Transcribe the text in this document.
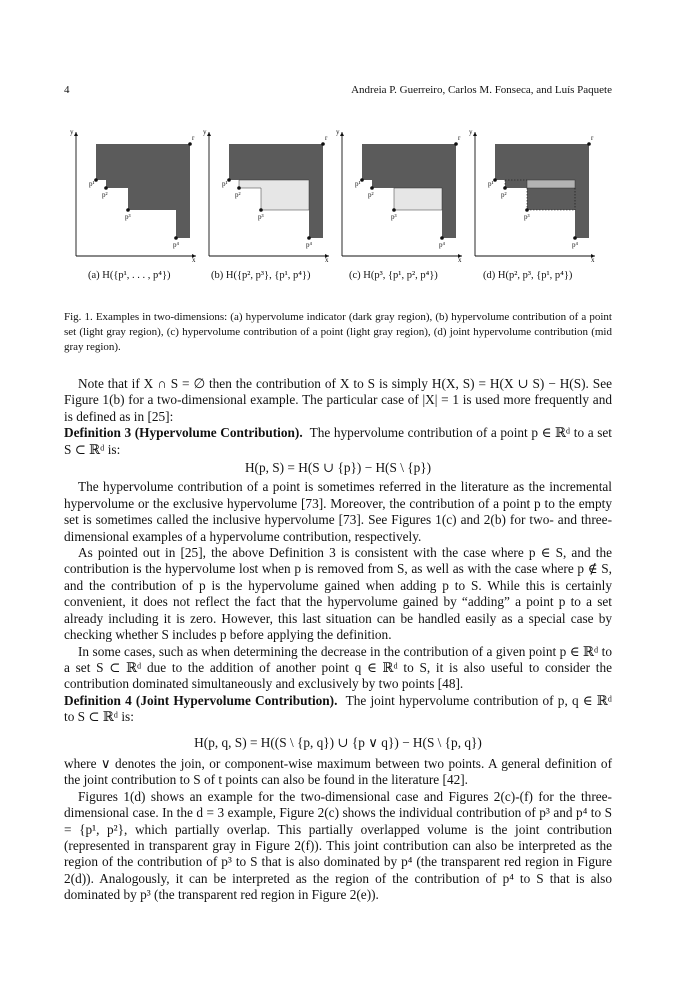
4	Andreia P. Guerreiro, Carlos M. Fonseca, and Luís Paquete
x
y
r
p¹
p²
p³
p⁴
x
y
r
p¹
p²
p³
p⁴
x
y
r
p¹
p²
p³
p⁴
x
y
r
p¹
p²
p³
p⁴
(a) H({p¹, . . . , p⁴})	(b) H({p², p³}, {p¹, p⁴})	(c) H(p³, {p¹, p², p⁴})	(d) H(p², p³, {p¹, p⁴})
Fig. 1. Examples in two-dimensions: (a) hypervolume indicator (dark gray region), (b) hypervolume contribution of a point set (light gray region), (c) hypervolume contribution of a point (light gray region), (d) joint hypervolume contribution (mid gray region).

Note that if X ∩ S = ∅ then the contribution of X to S is simply H(X, S) = H(X ∪ S) − H(S). See Figure 1(b) for a two-dimensional example. The particular case of |X| = 1 is used more frequently and is defined as in [25]:

Definition 3 (Hypervolume Contribution). The hypervolume contribution of a point p ∈ ℝᵈ to a set S ⊂ ℝᵈ is:

H(p, S) = H(S ∪ {p}) − H(S \ {p})

The hypervolume contribution of a point is sometimes referred in the literature as the incremental hypervolume or the exclusive hypervolume [73]. Moreover, the contribution of a point p to the empty set is sometimes called the inclusive hypervolume [73]. See Figures 1(c) and 2(b) for two- and three-dimensional examples of a hypervolume contribution, respectively.

As pointed out in [25], the above Definition 3 is consistent with the case where p ∈ S, and the contribution is the hypervolume lost when p is removed from S, as well as with the case where p ∉ S, and the contribution of p is the hypervolume gained when adding p to S. While this is certainly convenient, it does not reflect the fact that the hypervolume gained by “adding” a point p to a set already including it is zero. However, this last situation can be handled easily as a special case by checking whether S includes p before applying the definition.

In some cases, such as when determining the decrease in the contribution of a given point p ∈ ℝᵈ to a set S ⊂ ℝᵈ due to the addition of another point q ∈ ℝᵈ to S, it is also useful to consider the contribution dominated simultaneously and exclusively by two points [48].

Definition 4 (Joint Hypervolume Contribution). The joint hypervolume contribution of p, q ∈ ℝᵈ to S ⊂ ℝᵈ is:

H(p, q, S) = H((S \ {p, q}) ∪ {p ∨ q}) − H(S \ {p, q})

where ∨ denotes the join, or component-wise maximum between two points. A general definition of the joint contribution to S of t points can also be found in the literature [42].

Figures 1(d) shows an example for the two-dimensional case and Figures 2(c)-(f) for the three-dimensional case. In the d = 3 example, Figure 2(c) shows the individual contribution of p³ and p⁴ to S = {p¹, p²}, which partially overlap. This partially overlapped volume is the joint contribution (represented in transparent gray in Figure 2(f)). This joint contribution can also be interpreted as the region of the contribution of p³ to S that is also dominated by p⁴ (the transparent red region in Figure 2(d)). Analogously, it can be interpreted as the region of the contribution of p⁴ to S that is also dominated by p³ (the transparent red region in Figure 2(e)).
